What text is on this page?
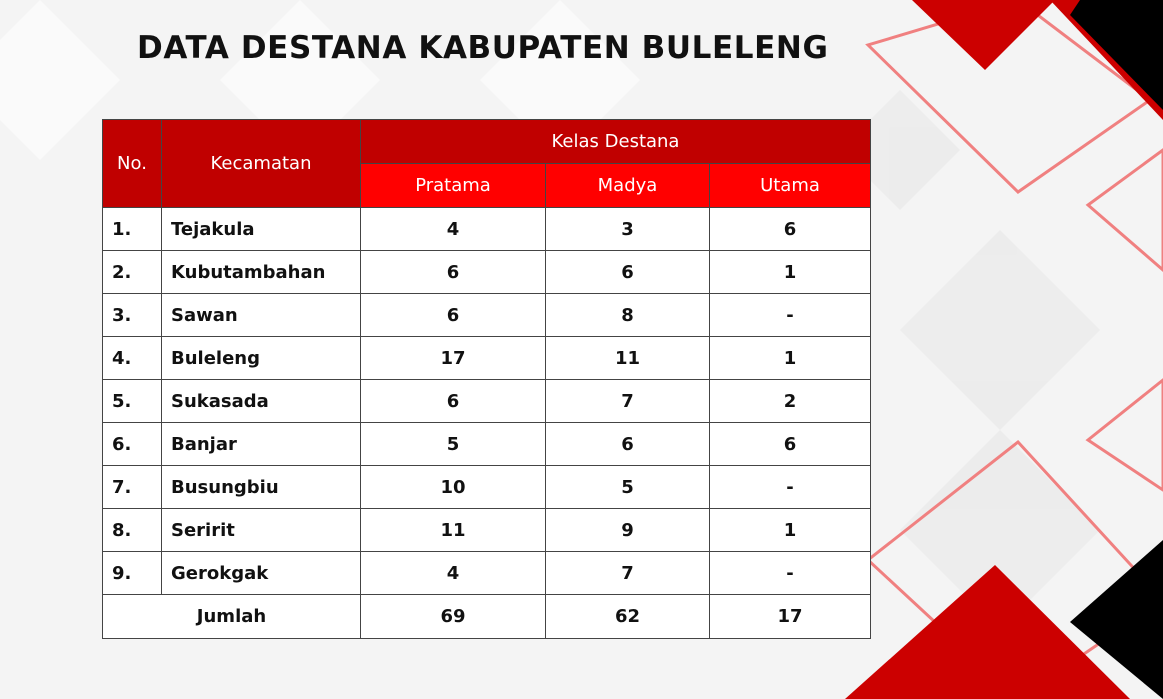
DATA DESTANA KABUPATEN BULELENG
No.	Kecamatan	Kelas Destana		
		Pratama	Madya	Utama
1.	Tejakula	4	3	6
2.	Kubutambahan	6	6	1
3.	Sawan	6	8	-
4.	Buleleng	17	11	1
5.	Sukasada	6	7	2
6.	Banjar	5	6	6
7.	Busungbiu	10	5	-
8.	Seririt	11	9	1
9.	Gerokgak	4	7	-
Jumlah		69	62	17
